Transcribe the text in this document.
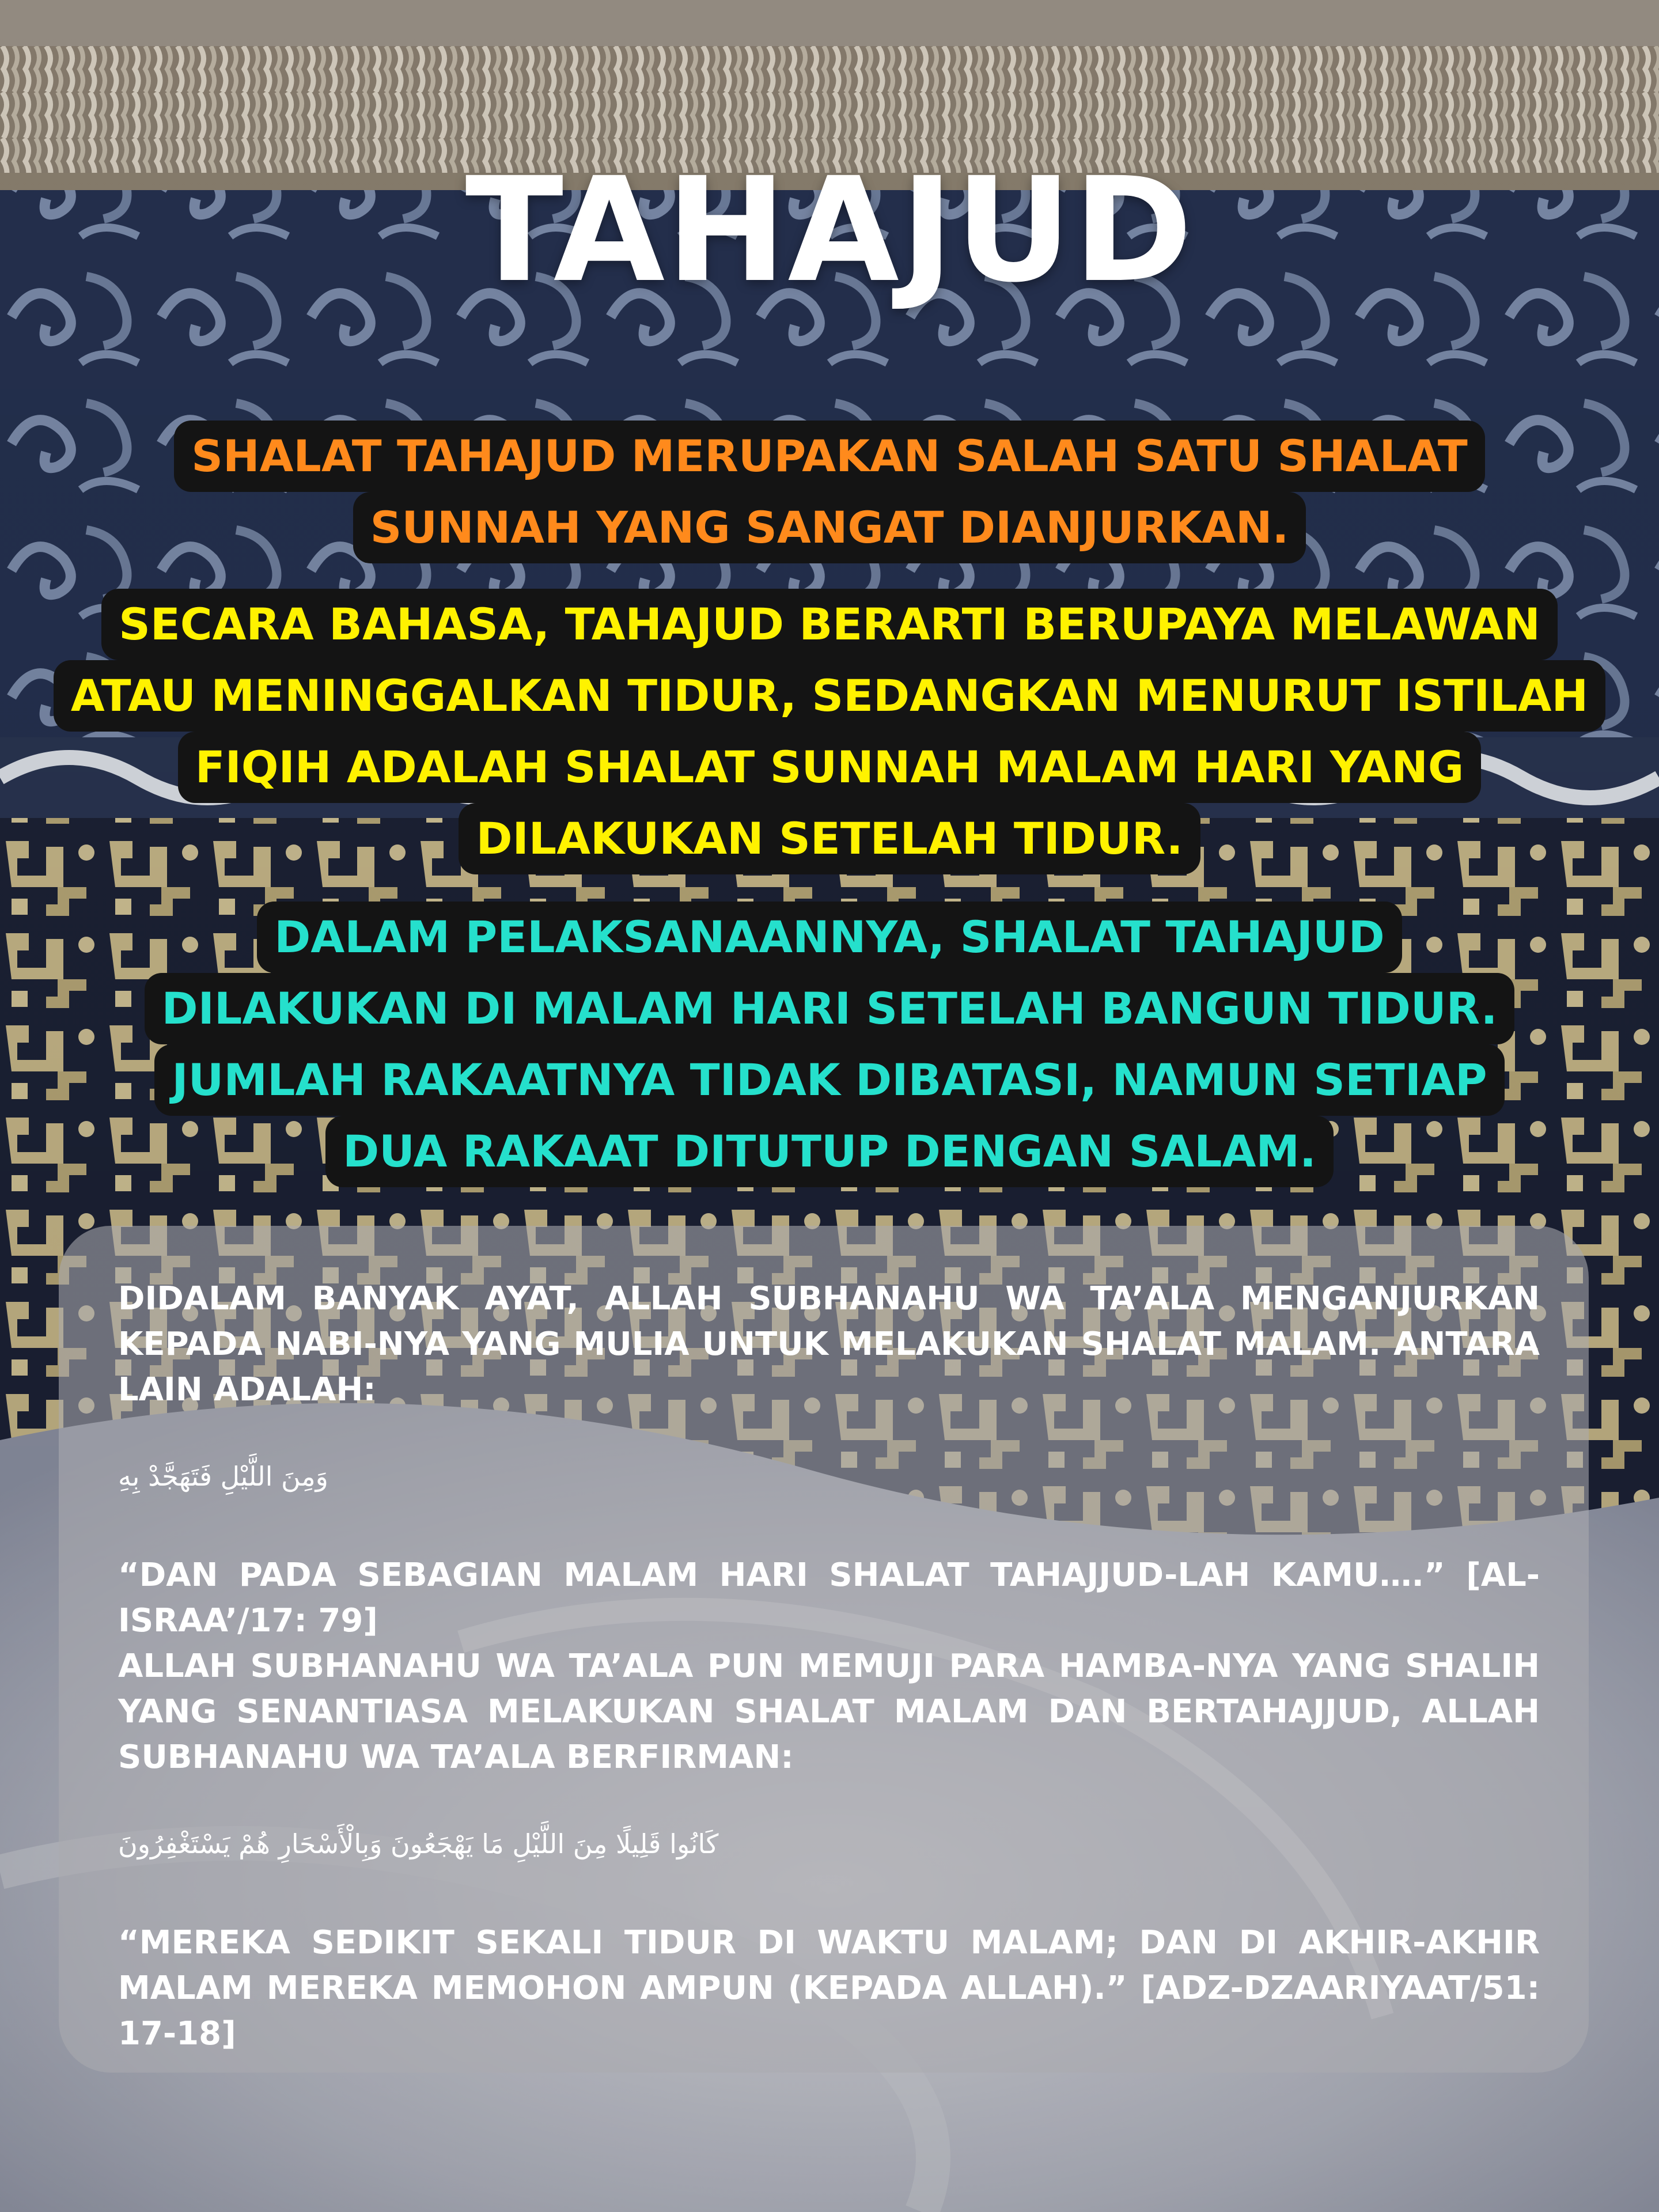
TAHAJUD
SHALAT TAHAJUD MERUPAKAN SALAH SATU SHALAT
SUNNAH YANG SANGAT DIANJURKAN.
SECARA BAHASA, TAHAJUD BERARTI BERUPAYA MELAWAN
ATAU MENINGGALKAN TIDUR, SEDANGKAN MENURUT ISTILAH
FIQIH ADALAH SHALAT SUNNAH MALAM HARI YANG
DILAKUKAN SETELAH TIDUR.
DALAM PELAKSANAANNYA, SHALAT TAHAJUD
DILAKUKAN DI MALAM HARI SETELAH BANGUN TIDUR.
JUMLAH RAKAATNYA TIDAK DIBATASI, NAMUN SETIAP
DUA RAKAAT DITUTUP DENGAN SALAM.

DIDALAM BANYAK AYAT, ALLAH SUBHANAHU WA TA’ALA MENGANJURKAN KEPADA NABI-NYA YANG MULIA UNTUK MELAKUKAN SHALAT MALAM. ANTARA LAIN ADALAH:

وَمِنَ اللَّيْلِ فَتَهَجَّدْ بِهِ

“DAN PADA SEBAGIAN MALAM HARI SHALAT TAHAJJUD-LAH KAMU….” [AL-ISRAA’/17: 79]

ALLAH SUBHANAHU WA TA’ALA PUN MEMUJI PARA HAMBA-NYA YANG SHALIH YANG SENANTIASA MELAKUKAN SHALAT MALAM DAN BERTAHAJJUD, ALLAH SUBHANAHU WA TA’ALA BERFIRMAN:

كَانُوا قَلِيلًا مِنَ اللَّيْلِ مَا يَهْجَعُونَ وَبِالْأَسْحَارِ هُمْ يَسْتَغْفِرُونَ

“MEREKA SEDIKIT SEKALI TIDUR DI WAKTU MALAM; DAN DI AKHIR-AKHIR MALAM MEREKA MEMOHON AMPUN (KEPADA ALLAH).” [ADZ-DZAARIYAAT/51: 17-18]
